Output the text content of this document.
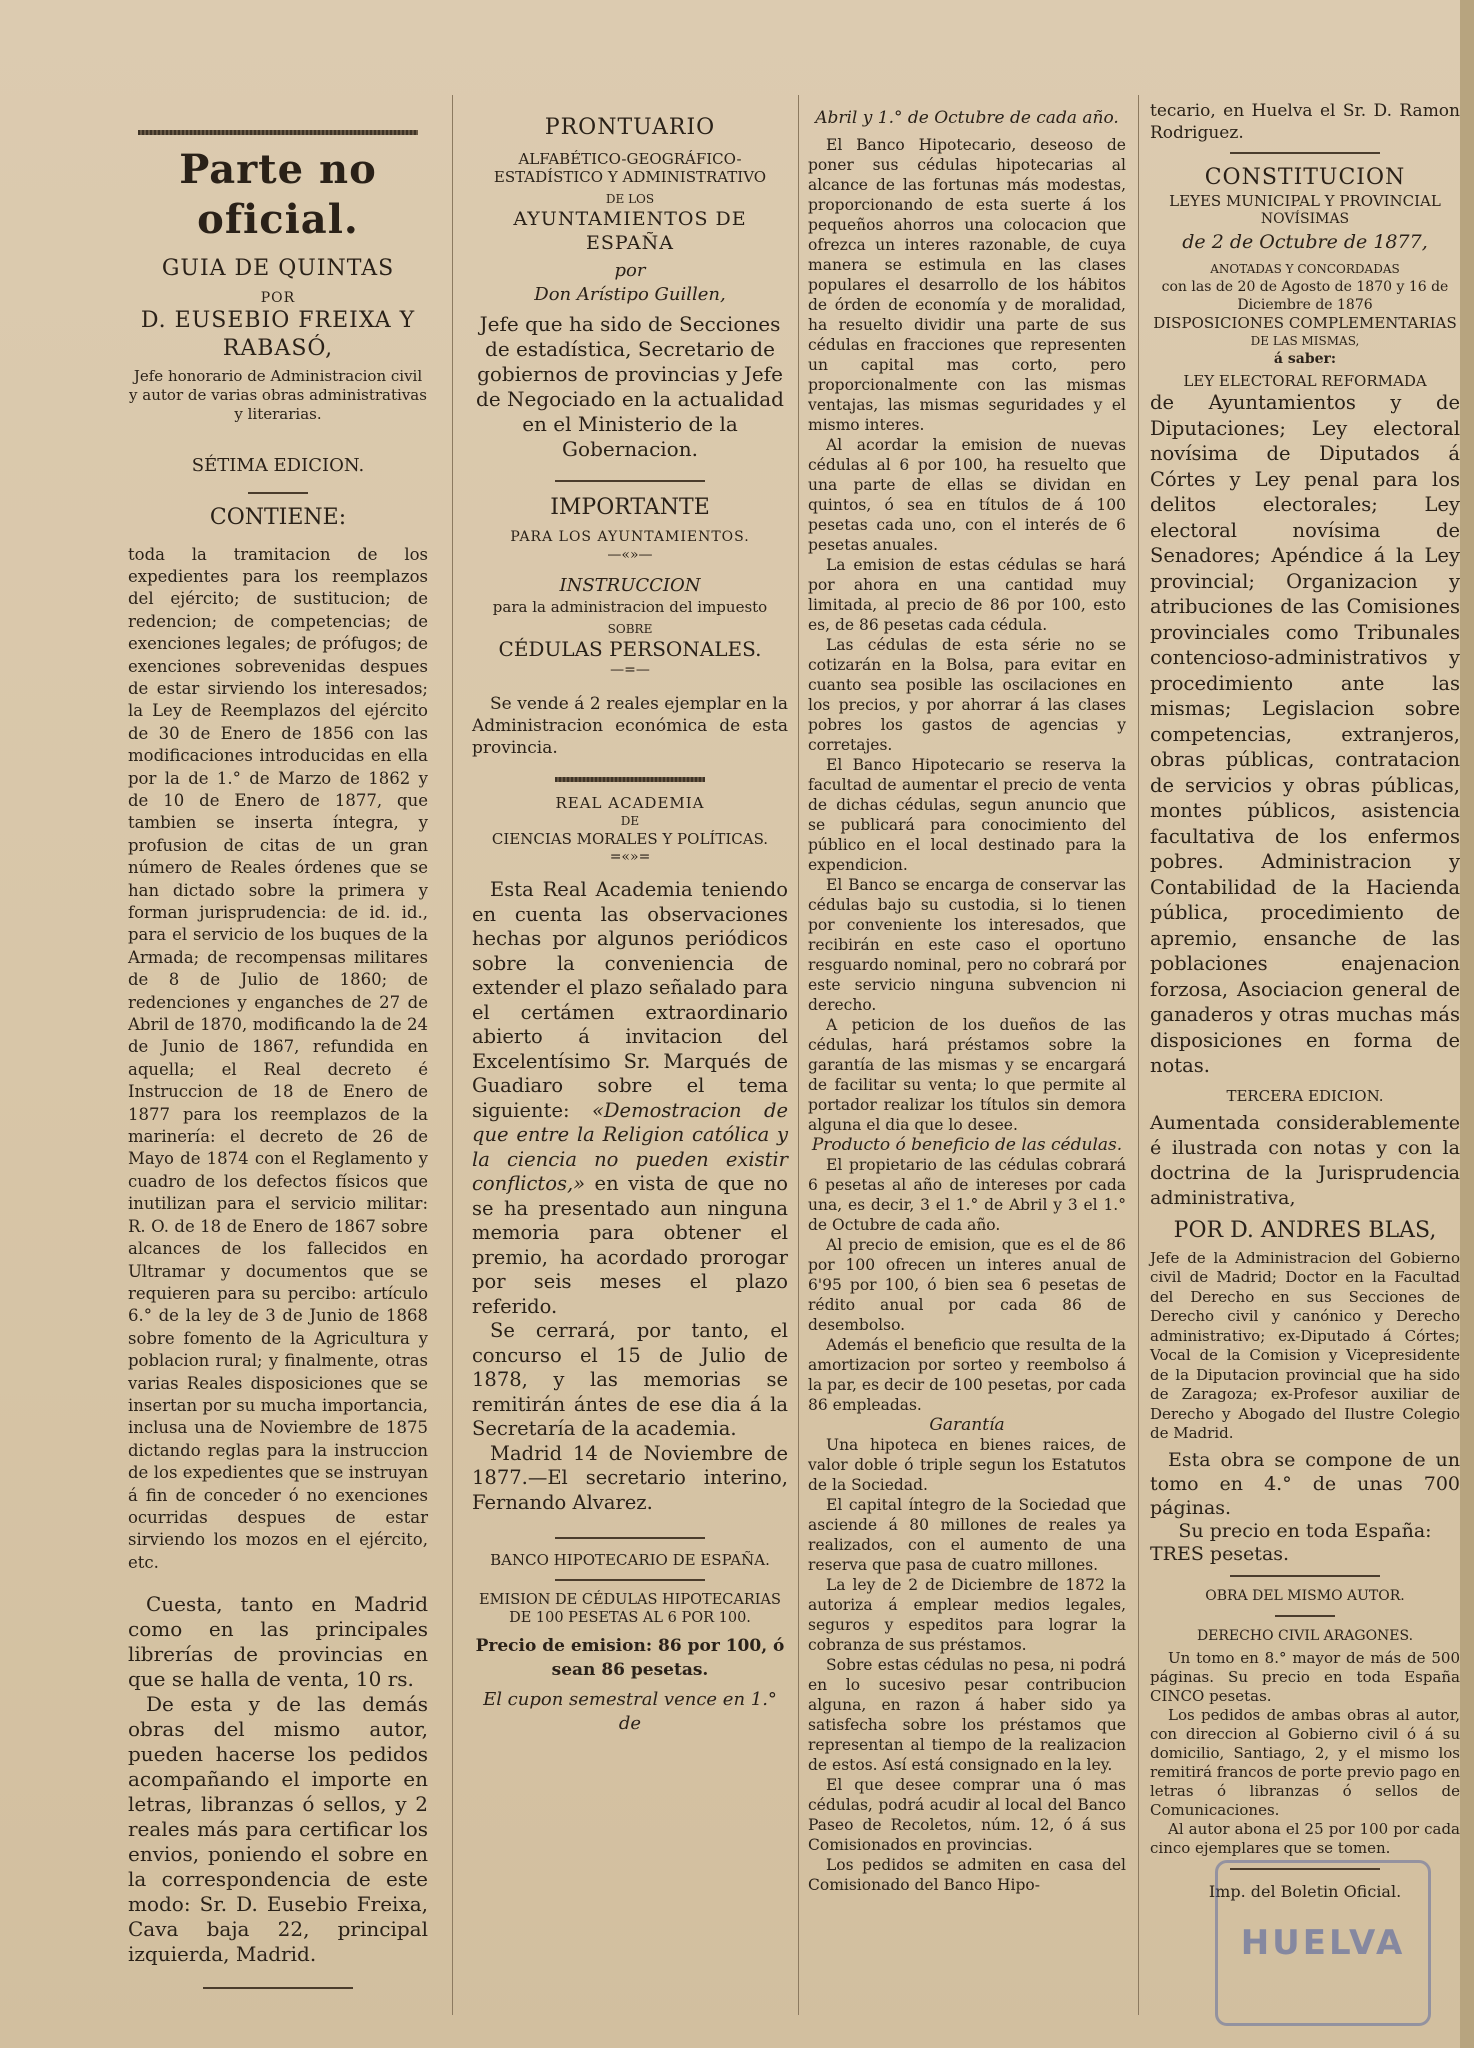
Parte no oficial.
GUIA DE QUINTAS
POR
D. EUSEBIO FREIXA Y RABASÓ,
Jefe honorario de Administracion civil y autor de varias obras administrativas y literarias.
SÉTIMA EDICION.
CONTIENE:
toda la tramitacion de los expedientes para los reemplazos del ejército; de sustitucion; de redencion; de competencias; de exenciones legales; de prófugos; de exenciones sobrevenidas despues de estar sirviendo los interesados; la Ley de Reemplazos del ejército de 30 de Enero de 1856 con las modificaciones introducidas en ella por la de 1.° de Marzo de 1862 y de 10 de Enero de 1877, que tambien se inserta íntegra, y profusion de citas de un gran número de Reales órdenes que se han dictado sobre la primera y forman jurisprudencia: de id. id., para el servicio de los buques de la Armada; de recompensas militares de 8 de Julio de 1860; de redenciones y enganches de 27 de Abril de 1870, modificando la de 24 de Junio de 1867, refundida en aquella; el Real decreto é Instruccion de 18 de Enero de 1877 para los reemplazos de la marinería: el decreto de 26 de Mayo de 1874 con el Reglamento y cuadro de los defectos físicos que inutilizan para el servicio militar: R. O. de 18 de Enero de 1867 sobre alcances de los fallecidos en Ultramar y documentos que se requieren para su percibo: artículo 6.° de la ley de 3 de Junio de 1868 sobre fomento de la Agricultura y poblacion rural; y finalmente, otras varias Reales disposiciones que se insertan por su mucha importancia, inclusa una de Noviembre de 1875 dictando reglas para la instruccion de los expedientes que se instruyan á fin de conceder ó no exenciones ocurridas despues de estar sirviendo los mozos en el ejército, etc.
Cuesta, tanto en Madrid como en las principales librerías de provincias en que se halla de venta, 10 rs.
De esta y de las demás obras del mismo autor, pueden hacerse los pedidos acompañando el importe en letras, libranzas ó sellos, y 2 reales más para certificar los envios, poniendo el sobre en la correspondencia de este modo: Sr. D. Eusebio Freixa, Cava baja 22, principal izquierda, Madrid.
PRONTUARIO
ALFABÉTICO-GEOGRÁFICO-ESTADÍSTICO Y ADMINISTRATIVO
DE LOS
AYUNTAMIENTOS DE ESPAÑA
por
Don Arístipo Guillen,
Jefe que ha sido de Secciones de estadística, Secretario de gobiernos de provincias y Jefe de Negociado en la actualidad en el Ministerio de la Gobernacion.
IMPORTANTE
PARA LOS AYUNTAMIENTOS.
—«»—
INSTRUCCION
para la administracion del impuesto
SOBRE
CÉDULAS PERSONALES.
—=—
Se vende á 2 reales ejemplar en la Administracion económica de esta provincia.
REAL ACADEMIA
DE
CIENCIAS MORALES Y POLÍTICAS.
=«»=
Esta Real Academia teniendo en cuenta las observaciones hechas por algunos periódicos sobre la conveniencia de extender el plazo señalado para el certámen extraordinario abierto á invitacion del Excelentísimo Sr. Marqués de Guadiaro sobre el tema siguiente: «Demostracion de que entre la Religion católica y la ciencia no pueden existir conflictos,» en vista de que no se ha presentado aun ninguna memoria para obtener el premio, ha acordado prorogar por seis meses el plazo referido.
Se cerrará, por tanto, el concurso el 15 de Julio de 1878, y las memorias se remitirán ántes de ese dia á la Secretaría de la academia.
Madrid 14 de Noviembre de 1877.—El secretario interino, Fernando Alvarez.
BANCO HIPOTECARIO DE ESPAÑA.
EMISION DE CÉDULAS HIPOTECARIAS DE 100 PESETAS AL 6 POR 100.
Precio de emision: 86 por 100, ó sean 86 pesetas.
El cupon semestral vence en 1.° de
Abril y 1.° de Octubre de cada año.
El Banco Hipotecario, deseoso de poner sus cédulas hipotecarias al alcance de las fortunas más modestas, proporcionando de esta suerte á los pequeños ahorros una colocacion que ofrezca un interes razonable, de cuya manera se estimula en las clases populares el desarrollo de los hábitos de órden de economía y de moralidad, ha resuelto dividir una parte de sus cédulas en fracciones que representen un capital mas corto, pero proporcionalmente con las mismas ventajas, las mismas seguridades y el mismo interes.
Al acordar la emision de nuevas cédulas al 6 por 100, ha resuelto que una parte de ellas se dividan en quintos, ó sea en títulos de á 100 pesetas cada uno, con el interés de 6 pesetas anuales.
La emision de estas cédulas se hará por ahora en una cantidad muy limitada, al precio de 86 por 100, esto es, de 86 pesetas cada cédula.
Las cédulas de esta série no se cotizarán en la Bolsa, para evitar en cuanto sea posible las oscilaciones en los precios, y por ahorrar á las clases pobres los gastos de agencias y corretajes.
El Banco Hipotecario se reserva la facultad de aumentar el precio de venta de dichas cédulas, segun anuncio que se publicará para conocimiento del público en el local destinado para la expendicion.
El Banco se encarga de conservar las cédulas bajo su custodia, si lo tienen por conveniente los interesados, que recibirán en este caso el oportuno resguardo nominal, pero no cobrará por este servicio ninguna subvencion ni derecho.
A peticion de los dueños de las cédulas, hará préstamos sobre la garantía de las mismas y se encargará de facilitar su venta; lo que permite al portador realizar los títulos sin demora alguna el dia que lo desee.
Producto ó beneficio de las cédulas.
El propietario de las cédulas cobrará 6 pesetas al año de intereses por cada una, es decir, 3 el 1.° de Abril y 3 el 1.° de Octubre de cada año.
Al precio de emision, que es el de 86 por 100 ofrecen un interes anual de 6'95 por 100, ó bien sea 6 pesetas de rédito anual por cada 86 de desembolso.
Además el beneficio que resulta de la amortizacion por sorteo y reembolso á la par, es decir de 100 pesetas, por cada 86 empleadas.
Garantía
Una hipoteca en bienes raices, de valor doble ó triple segun los Estatutos de la Sociedad.
El capital íntegro de la Sociedad que asciende á 80 millones de reales ya realizados, con el aumento de una reserva que pasa de cuatro millones.
La ley de 2 de Diciembre de 1872 la autoriza á emplear medios legales, seguros y espeditos para lograr la cobranza de sus préstamos.
Sobre estas cédulas no pesa, ni podrá en lo sucesivo pesar contribucion alguna, en razon á haber sido ya satisfecha sobre los préstamos que representan al tiempo de la realizacion de estos. Así está consignado en la ley.
El que desee comprar una ó mas cédulas, podrá acudir al local del Banco Paseo de Recoletos, núm. 12, ó á sus Comisionados en provincias.
Los pedidos se admiten en casa del Comisionado del Banco Hipo-
tecario, en Huelva el Sr. D. Ramon Rodriguez.
CONSTITUCION
LEYES MUNICIPAL Y PROVINCIAL
NOVÍSIMAS
de 2 de Octubre de 1877,
ANOTADAS Y CONCORDADAS
con las de 20 de Agosto de 1870 y 16 de Diciembre de 1876
DISPOSICIONES COMPLEMENTARIAS
DE LAS MISMAS,
á saber:
LEY ELECTORAL REFORMADA
de Ayuntamientos y de Diputaciones; Ley electoral novísima de Diputados á Córtes y Ley penal para los delitos electorales; Ley electoral novísima de Senadores; Apéndice á la Ley provincial; Organizacion y atribuciones de las Comisiones provinciales como Tribunales contencioso-administrativos y procedimiento ante las mismas; Legislacion sobre competencias, extranjeros, obras públicas, contratacion de servicios y obras públicas, montes públicos, asistencia facultativa de los enfermos pobres. Administracion y Contabilidad de la Hacienda pública, procedimiento de apremio, ensanche de las poblaciones enajenacion forzosa, Asociacion general de ganaderos y otras muchas más disposiciones en forma de notas.
TERCERA EDICION.
Aumentada considerablemente é ilustrada con notas y con la doctrina de la Jurisprudencia administrativa,
POR D. ANDRES BLAS,
Jefe de la Administracion del Gobierno civil de Madrid; Doctor en la Facultad del Derecho en sus Secciones de Derecho civil y canónico y Derecho administrativo; ex-Diputado á Córtes; Vocal de la Comision y Vicepresidente de la Diputacion provincial que ha sido de Zaragoza; ex-Profesor auxiliar de Derecho y Abogado del Ilustre Colegio de Madrid.
Esta obra se compone de un tomo en 4.° de unas 700 páginas.
Su precio en toda España:
TRES pesetas.
OBRA DEL MISMO AUTOR.
DERECHO CIVIL ARAGONES.
Un tomo en 8.° mayor de más de 500 páginas. Su precio en toda España CINCO pesetas.
Los pedidos de ambas obras al autor, con direccion al Gobierno civil ó á su domicilio, Santiago, 2, y el mismo los remitirá francos de porte previo pago en letras ó libranzas ó sellos de Comunicaciones.
Al autor abona el 25 por 100 por cada cinco ejemplares que se tomen.
Imp. del Boletin Oficial.
HUELVA
